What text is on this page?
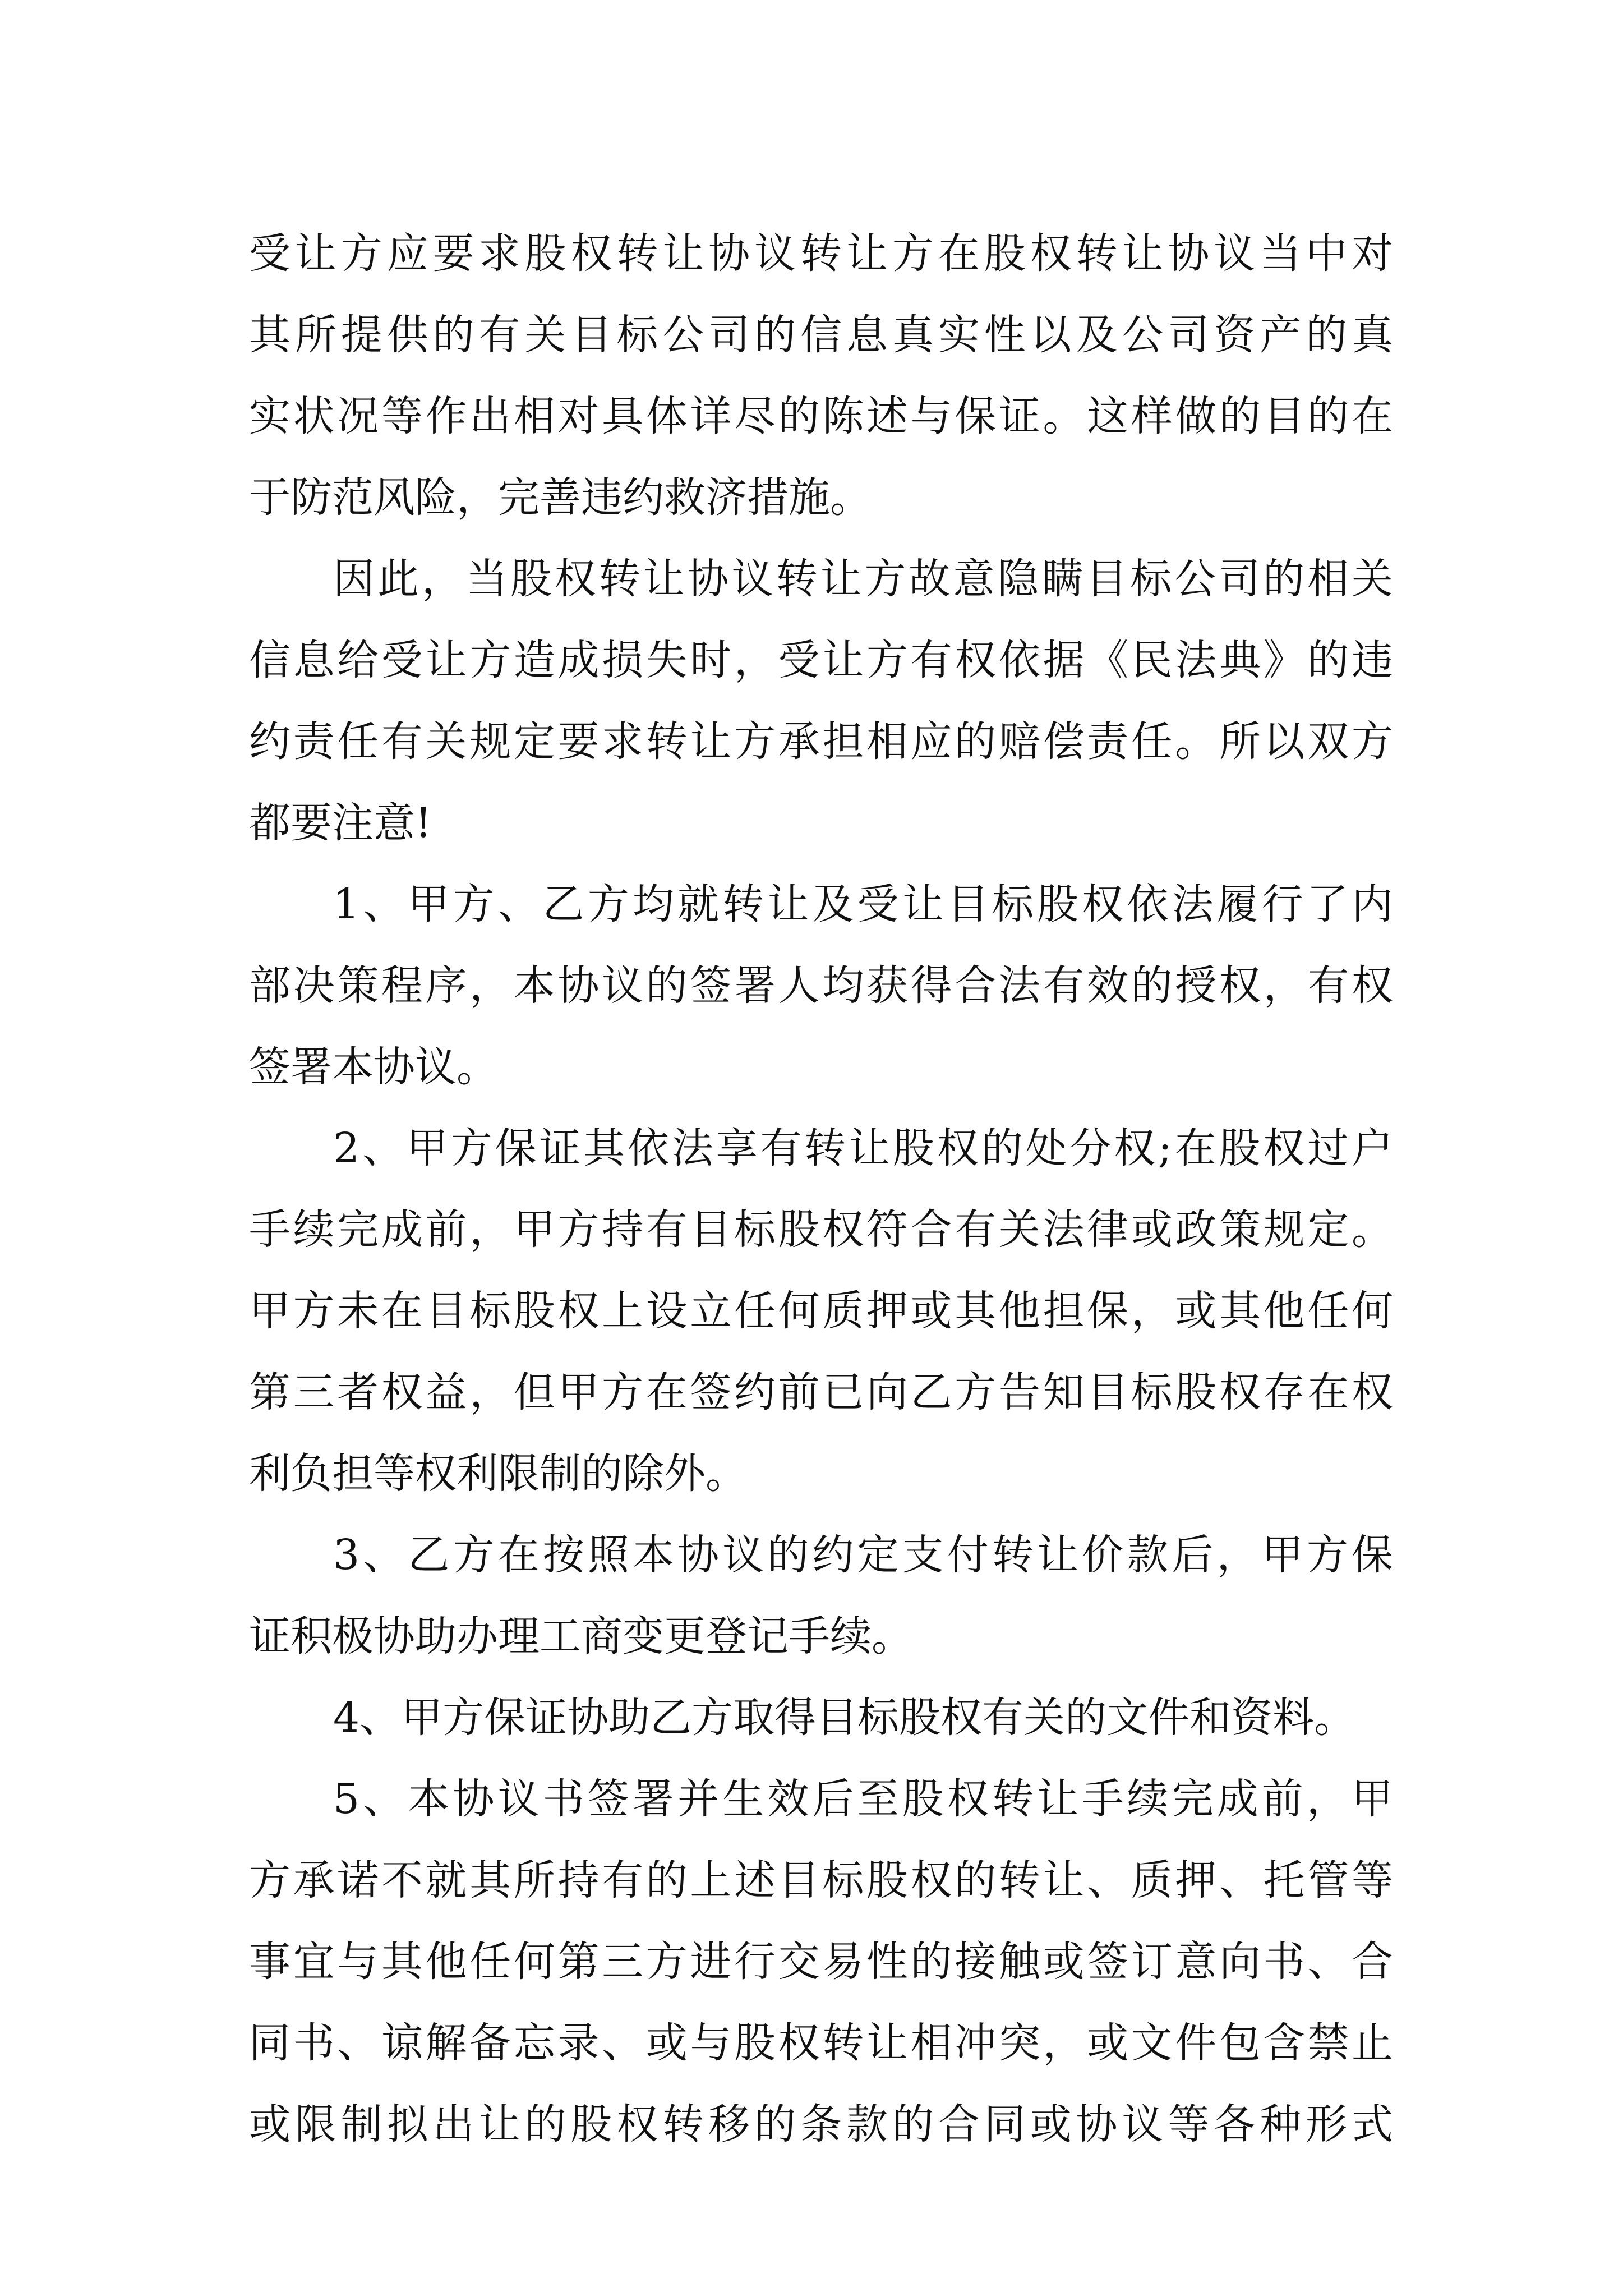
受让方应要求股权转让协议转让方在股权转让协议当中对
其所提供的有关目标公司的信息真实性以及公司资产的真
实状况等作出相对具体详尽的陈述与保证。这样做的目的在
于防范风险，完善违约救济措施。
因此，当股权转让协议转让方故意隐瞒目标公司的相关
信息给受让方造成损失时，受让方有权依据《民法典》的违
约责任有关规定要求转让方承担相应的赔偿责任。所以双方
都要注意!
1、甲方、乙方均就转让及受让目标股权依法履行了内
部决策程序，本协议的签署人均获得合法有效的授权，有权
签署本协议。
2、甲方保证其依法享有转让股权的处分权;在股权过户
手续完成前，甲方持有目标股权符合有关法律或政策规定。
甲方未在目标股权上设立任何质押或其他担保，或其他任何
第三者权益，但甲方在签约前已向乙方告知目标股权存在权
利负担等权利限制的除外。
3、乙方在按照本协议的约定支付转让价款后，甲方保
证积极协助办理工商变更登记手续。
4、甲方保证协助乙方取得目标股权有关的文件和资料。
5、本协议书签署并生效后至股权转让手续完成前，甲
方承诺不就其所持有的上述目标股权的转让、质押、托管等
事宜与其他任何第三方进行交易性的接触或签订意向书、合
同书、谅解备忘录、或与股权转让相冲突，或文件包含禁止
或限制拟出让的股权转移的条款的合同或协议等各种形式
